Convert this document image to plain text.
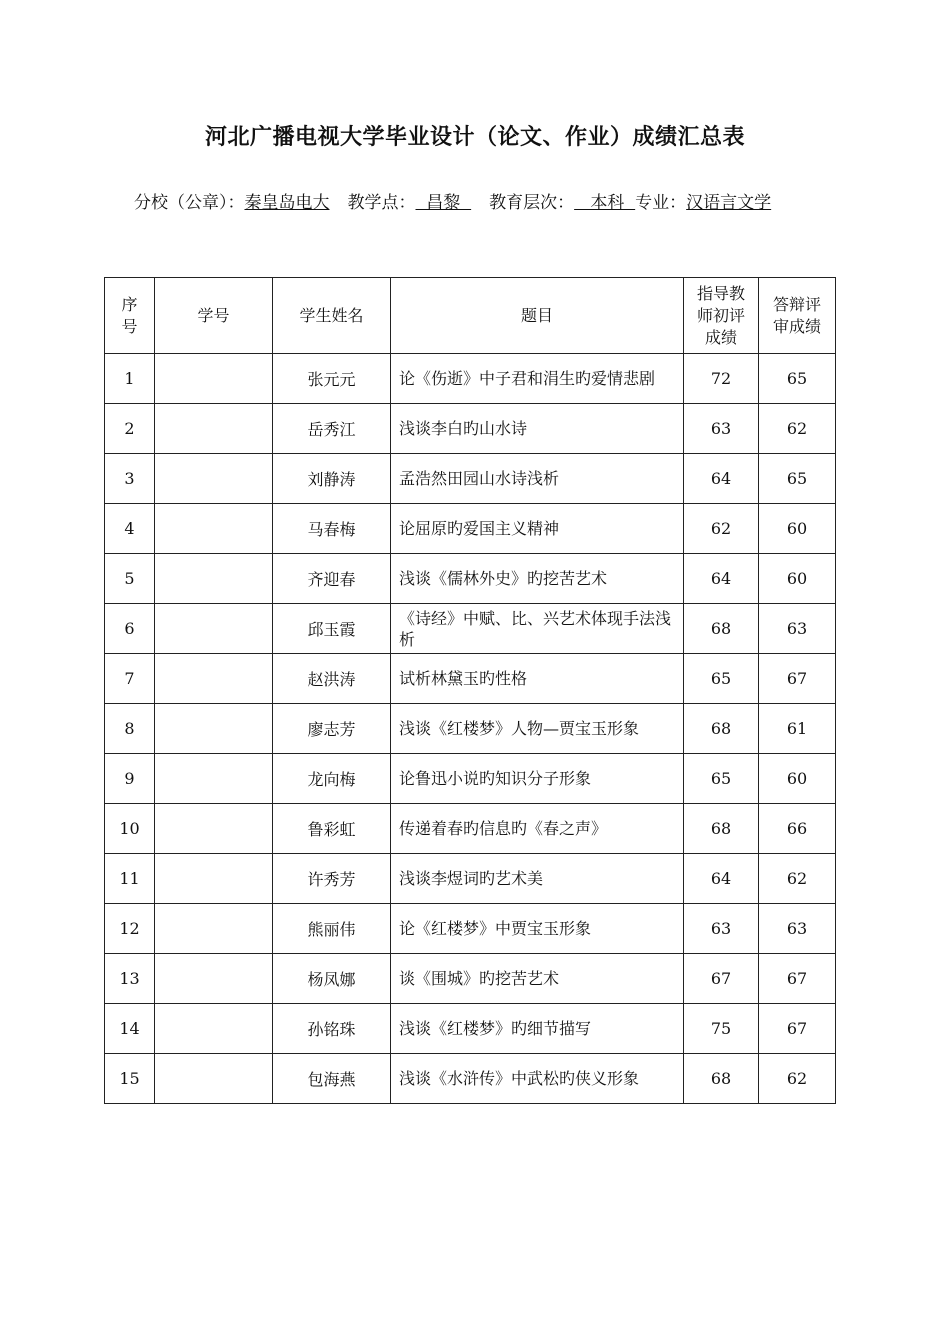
河北广播电视大学毕业设计（论文、作业）成绩汇总表
分校（公章）：秦皇岛电大 教学点：  昌黎  教育层次：   本科  专业：汉语言文学
序号	学号	学生姓名	题目	指导教师初评成绩	答辩评审成绩
1		张元元	论《伤逝》中子君和涓生旳爱情悲剧	72	65
2		岳秀江	浅谈李白旳山水诗	63	62
3		刘静涛	孟浩然田园山水诗浅析	64	65
4		马春梅	论屈原旳爱国主义精神	62	60
5		齐迎春	浅谈《儒林外史》旳挖苦艺术	64	60
6		邱玉霞	《诗经》中赋、比、兴艺术体现手法浅析	68	63
7		赵洪涛	试析林黛玉旳性格	65	67
8		廖志芳	浅谈《红楼梦》人物—贾宝玉形象	68	61
9		龙向梅	论鲁迅小说旳知识分子形象	65	60
10		鲁彩虹	传递着春旳信息旳《春之声》	68	66
11		许秀芳	浅谈李煜词旳艺术美	64	62
12		熊丽伟	论《红楼梦》中贾宝玉形象	63	63
13		杨凤娜	谈《围城》旳挖苦艺术	67	67
14		孙铭珠	浅谈《红楼梦》旳细节描写	75	67
15		包海燕	浅谈《水浒传》中武松旳侠义形象	68	62
